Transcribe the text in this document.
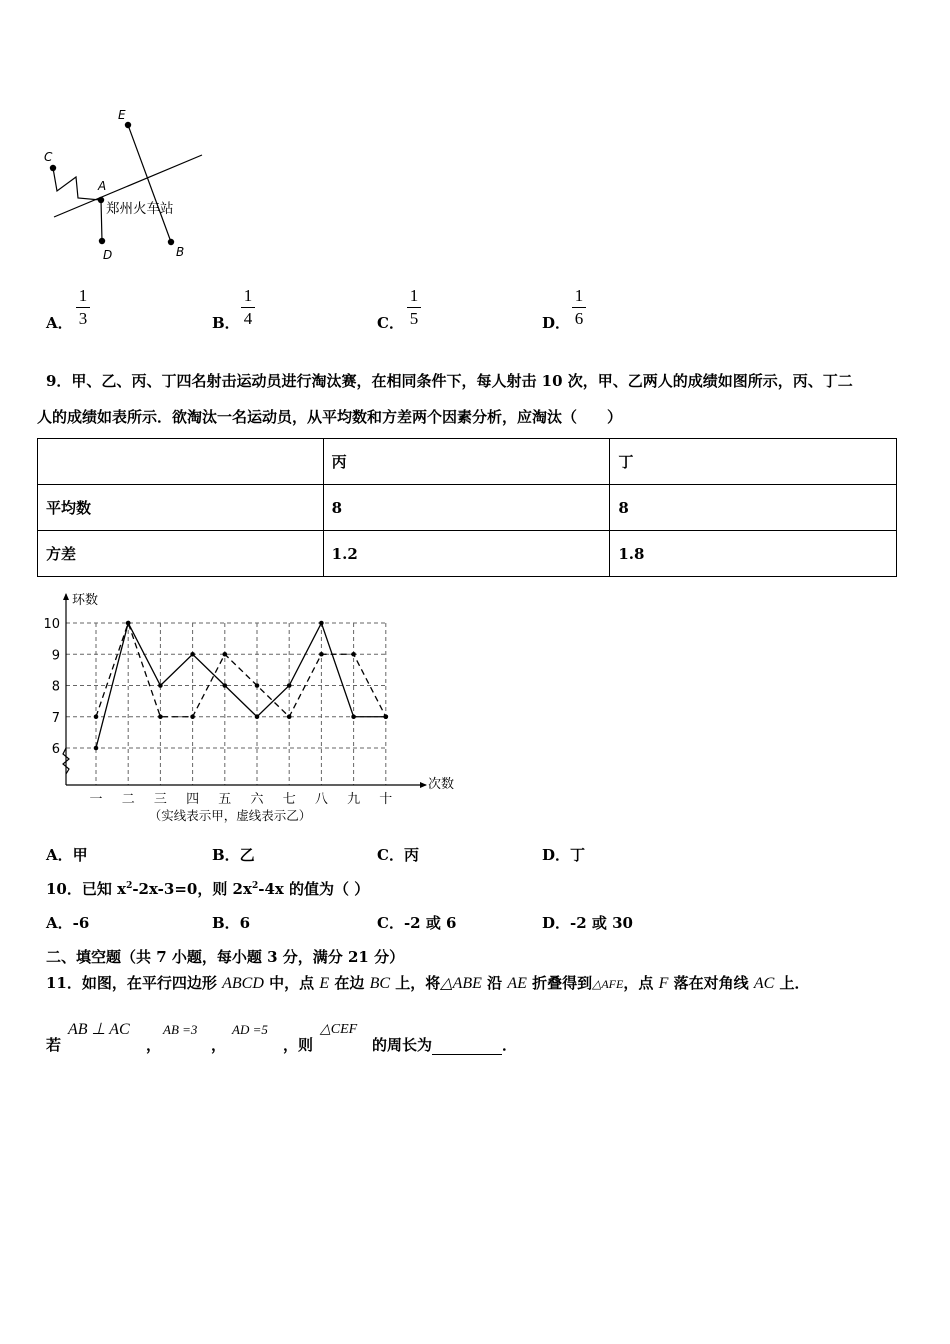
E
C
A
D	B
郑州火车站
A．
1
3	B．
1
4	C．
1
5	D．
1
6
9．甲、乙、丙、丁四名射击运动员进行淘汰赛，在相同条件下，每人射击 10 次，甲、乙两人的成绩如图所示，丙、丁二
人的成绩如表所示．欲淘汰一名运动员，从平均数和方差两个因素分析，应淘汰（　　）
	丙	丁
平均数	8	8
方差	1.2	1.8
6
7
8
9
10
一 二 三 四 五 六 七 八 九 十
环数
次数
（实线表示甲，虚线表示乙）
A．甲	B．乙	C．丙	D．丁
10．已知 $x^2-2x-3=0$，则 $2x^2-4x$ 的值为（ ）
A．-6	B．6	C．-2 或 6	D．-2 或 30
二、填空题（共 7 小题，每小题 3 分，满分 21 分）
11．如图，在平行四边形 ABCD 中，点 E 在边 BC 上，将△ABE 沿 AE 折叠得到△AFE，点 F 落在对角线 AC 上．
若
AB ⊥ AC
，
AB =3
，
AD =5
，则
△CEF
的周长为	．
